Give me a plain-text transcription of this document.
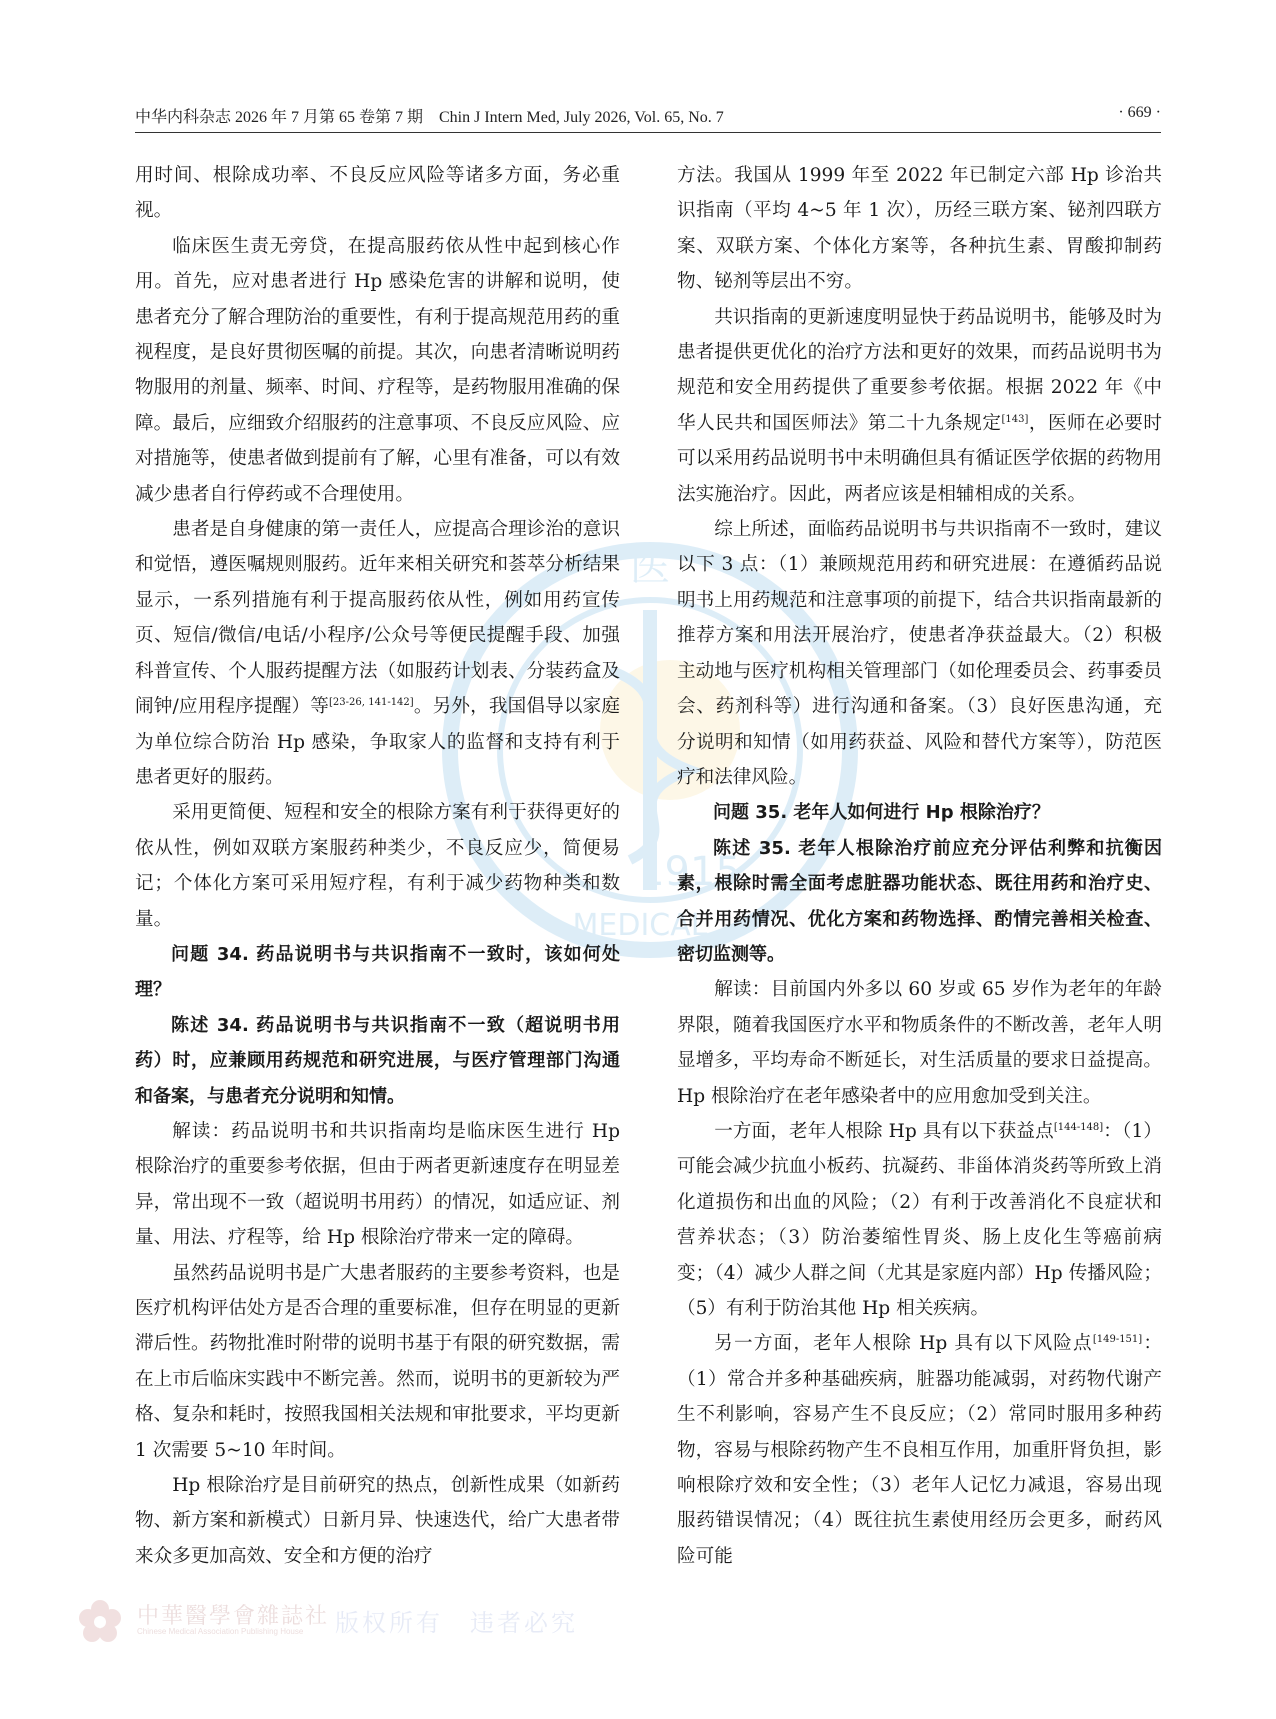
中华内科杂志 2026 年 7 月第 65 卷第 7 期　Chin J Intern Med, July 2026, Vol. 65, No. 7	· 669 ·
医
1915
MEDICAL

用时间、根除成功率、不良反应风险等诸多方面，务必重视。

临床医生责无旁贷，在提高服药依从性中起到核心作用。首先，应对患者进行 Hp 感染危害的讲解和说明，使患者充分了解合理防治的重要性，有利于提高规范用药的重视程度，是良好贯彻医嘱的前提。其次，向患者清晰说明药物服用的剂量、频率、时间、疗程等，是药物服用准确的保障。最后，应细致介绍服药的注意事项、不良反应风险、应对措施等，使患者做到提前有了解，心里有准备，可以有效减少患者自行停药或不合理使用。

患者是自身健康的第一责任人，应提高合理诊治的意识和觉悟，遵医嘱规则服药。近年来相关研究和荟萃分析结果显示，一系列措施有利于提高服药依从性，例如用药宣传页、短信/微信/电话/小程序/公众号等便民提醒手段、加强科普宣传、个人服药提醒方法（如服药计划表、分装药盒及闹钟/应用程序提醒）等[23-26, 141-142]。另外，我国倡导以家庭为单位综合防治 Hp 感染，争取家人的监督和支持有利于患者更好的服药。

采用更简便、短程和安全的根除方案有利于获得更好的依从性，例如双联方案服药种类少，不良反应少，简便易记；个体化方案可采用短疗程，有利于减少药物种类和数量。

问题 34. 药品说明书与共识指南不一致时，该如何处理？

陈述 34. 药品说明书与共识指南不一致（超说明书用药）时，应兼顾用药规范和研究进展，与医疗管理部门沟通和备案，与患者充分说明和知情。

解读：药品说明书和共识指南均是临床医生进行 Hp 根除治疗的重要参考依据，但由于两者更新速度存在明显差异，常出现不一致（超说明书用药）的情况，如适应证、剂量、用法、疗程等，给 Hp 根除治疗带来一定的障碍。

虽然药品说明书是广大患者服药的主要参考资料，也是医疗机构评估处方是否合理的重要标准，但存在明显的更新滞后性。药物批准时附带的说明书基于有限的研究数据，需在上市后临床实践中不断完善。然而，说明书的更新较为严格、复杂和耗时，按照我国相关法规和审批要求，平均更新 1 次需要 5~10 年时间。

Hp 根除治疗是目前研究的热点，创新性成果（如新药物、新方案和新模式）日新月异、快速迭代，给广大患者带来众多更加高效、安全和方便的治疗

方法。我国从 1999 年至 2022 年已制定六部 Hp 诊治共识指南（平均 4~5 年 1 次），历经三联方案、铋剂四联方案、双联方案、个体化方案等，各种抗生素、胃酸抑制药物、铋剂等层出不穷。

共识指南的更新速度明显快于药品说明书，能够及时为患者提供更优化的治疗方法和更好的效果，而药品说明书为规范和安全用药提供了重要参考依据。根据 2022 年《中华人民共和国医师法》第二十九条规定[143]，医师在必要时可以采用药品说明书中未明确但具有循证医学依据的药物用法实施治疗。因此，两者应该是相辅相成的关系。

综上所述，面临药品说明书与共识指南不一致时，建议以下 3 点：（1）兼顾规范用药和研究进展：在遵循药品说明书上用药规范和注意事项的前提下，结合共识指南最新的推荐方案和用法开展治疗，使患者净获益最大。（2）积极主动地与医疗机构相关管理部门（如伦理委员会、药事委员会、药剂科等）进行沟通和备案。（3）良好医患沟通，充分说明和知情（如用药获益、风险和替代方案等），防范医疗和法律风险。

问题 35. 老年人如何进行 Hp 根除治疗？

陈述 35. 老年人根除治疗前应充分评估利弊和抗衡因素，根除时需全面考虑脏器功能状态、既往用药和治疗史、合并用药情况、优化方案和药物选择、酌情完善相关检查、密切监测等。

解读：目前国内外多以 60 岁或 65 岁作为老年的年龄界限，随着我国医疗水平和物质条件的不断改善，老年人明显增多，平均寿命不断延长，对生活质量的要求日益提高。Hp 根除治疗在老年感染者中的应用愈加受到关注。

一方面，老年人根除 Hp 具有以下获益点[144-148]：（1）可能会减少抗血小板药、抗凝药、非甾体消炎药等所致上消化道损伤和出血的风险；（2）有利于改善消化不良症状和营养状态；（3）防治萎缩性胃炎、肠上皮化生等癌前病变；（4）减少人群之间（尤其是家庭内部）Hp 传播风险；（5）有利于防治其他 Hp 相关疾病。

另一方面，老年人根除 Hp 具有以下风险点[149-151]：（1）常合并多种基础疾病，脏器功能减弱，对药物代谢产生不利影响，容易产生不良反应；（2）常同时服用多种药物，容易与根除药物产生不良相互作用，加重肝肾负担，影响根除疗效和安全性；（3）老年人记忆力减退，容易出现服药错误情况；（4）既往抗生素使用经历会更多，耐药风险可能

中華醫學會雜誌社
Chinese Medical Association Publishing House 版权所有　违者必究
